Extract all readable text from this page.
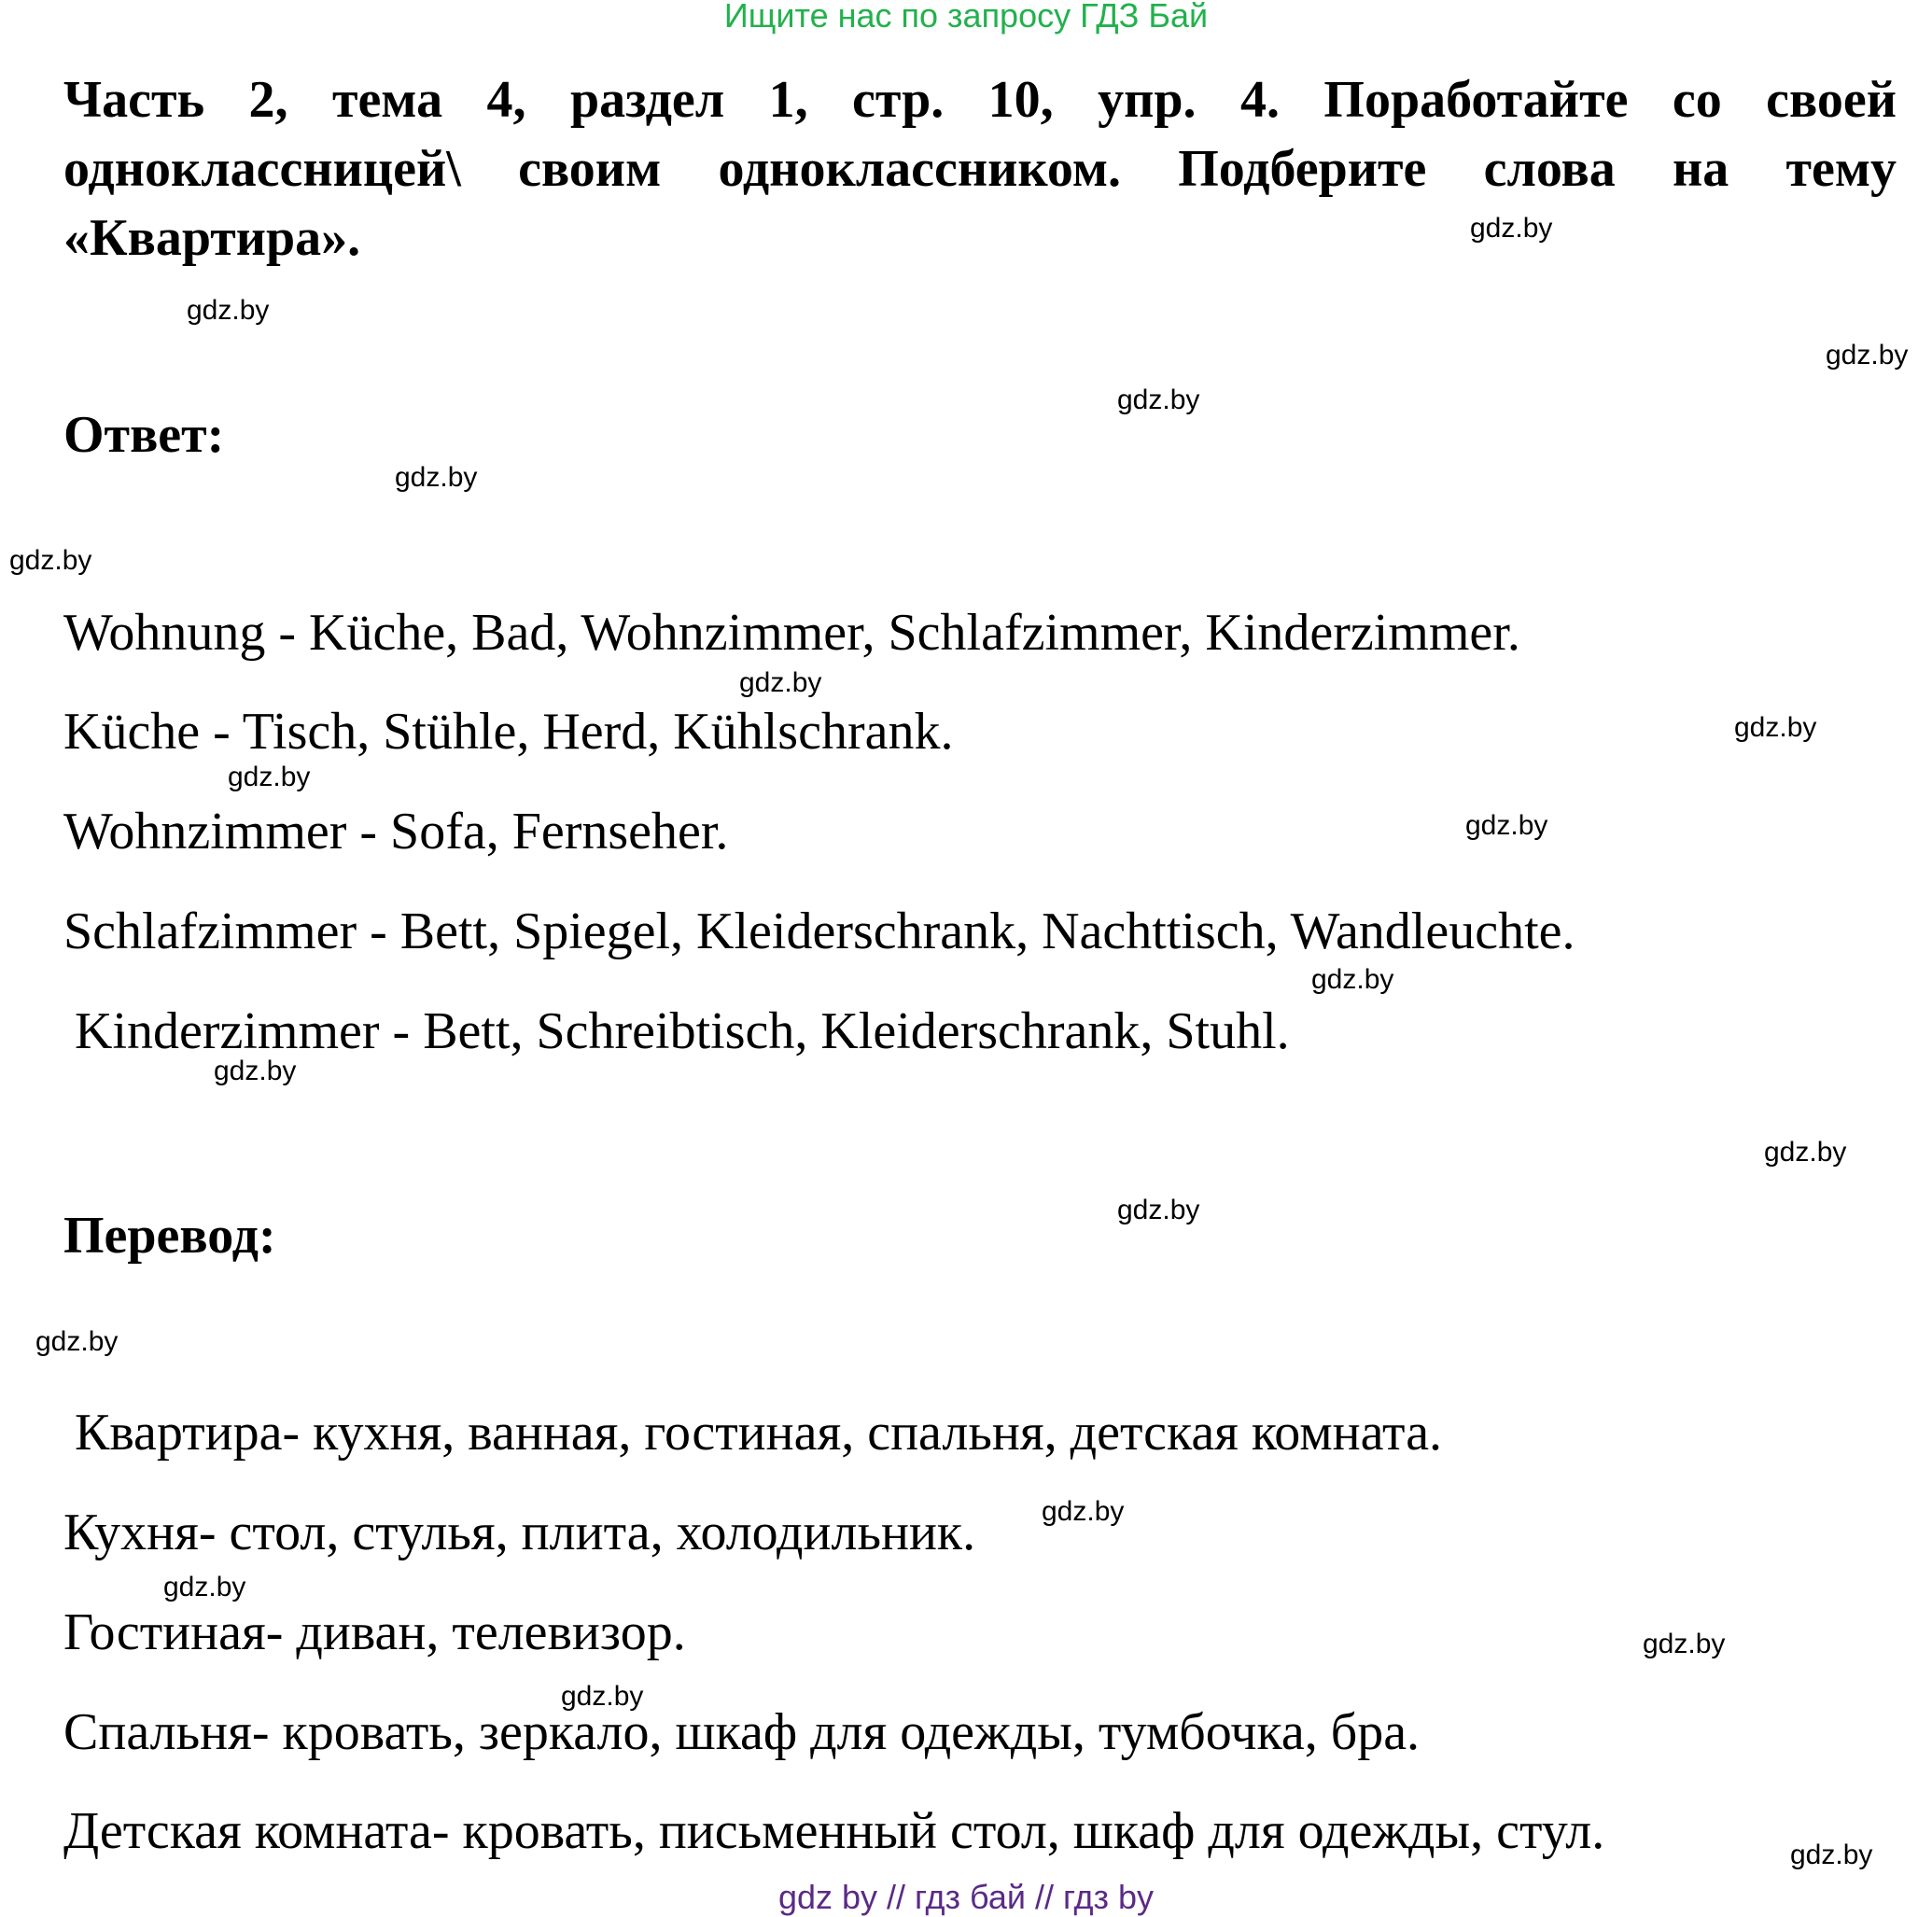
Ищите нас по запросу ГДЗ Бай
Часть 2, тема 4, раздел 1, стр. 10, упр. 4. Поработайте со своей одноклассницей\ своим одноклассником. Подберите слова на тему «Квартира».
Ответ:
Wohnung - Küche, Bad, Wohnzimmer, Schlafzimmer, Kinderzimmer.
Küche - Tisch, Stühle, Herd, Kühlschrank.
Wohnzimmer - Sofa, Fernseher.
Schlafzimmer - Bett, Spiegel, Kleiderschrank, Nachttisch, Wandleuchte.
Kinderzimmer - Bett, Schreibtisch, Kleiderschrank, Stuhl.
Перевод:
Квартира- кухня, ванная, гостиная, спальня, детская комната.
Кухня- стол, стулья, плита, холодильник.
Гостиная- диван, телевизор.
Спальня- кровать, зеркало, шкаф для одежды, тумбочка, бра.
Детская комната- кровать, письменный стол, шкаф для одежды, стул.
gdz.by
gdz.by
gdz.by
gdz.by
gdz.by
gdz.by
gdz.by
gdz.by
gdz.by
gdz.by
gdz.by
gdz.by
gdz.by
gdz.by
gdz.by
gdz.by
gdz.by
gdz.by
gdz.by
gdz.by
gdz by // гдз бай // гдз by
